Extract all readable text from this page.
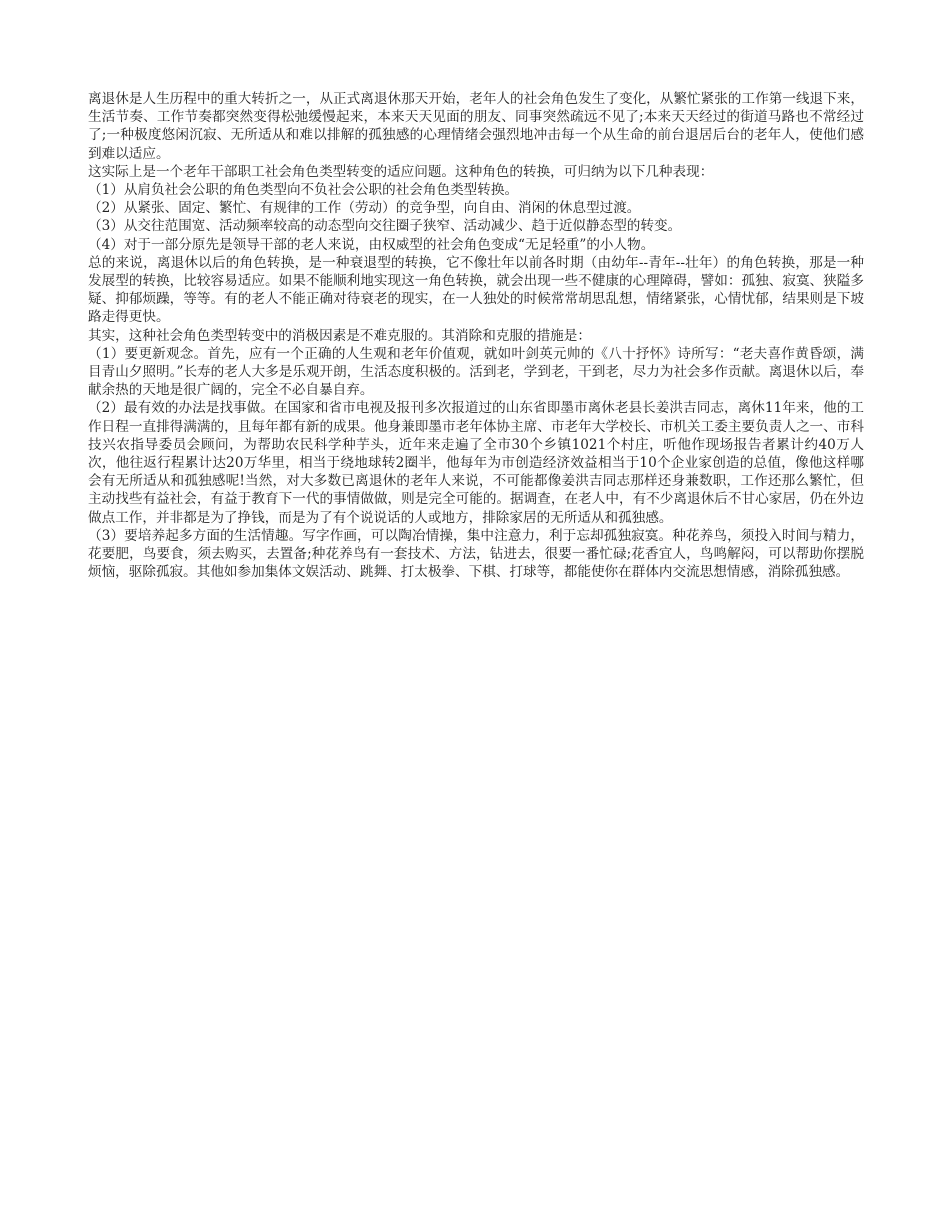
离退休是人生历程中的重大转折之一，从正式离退休那天开始，老年人的社会角色发生了变化，从繁忙紧张的工作第一线退下来，生活节奏、工作节奏都突然变得松弛缓慢起来，本来天天见面的朋友、同事突然疏远不见了;本来天天经过的街道马路也不常经过了;一种极度悠闲沉寂、无所适从和难以排解的孤独感的心理情绪会强烈地冲击每一个从生命的前台退居后台的老年人，使他们感到难以适应。

这实际上是一个老年干部职工社会角色类型转变的适应问题。这种角色的转换，可归纳为以下几种表现：

（1）从肩负社会公职的角色类型向不负社会公职的社会角色类型转换。

（2）从紧张、固定、繁忙、有规律的工作（劳动）的竞争型，向自由、消闲的休息型过渡。

（3）从交往范围宽、活动频率较高的动态型向交往圈子狭窄、活动减少、趋于近似静态型的转变。

（4）对于一部分原先是领导干部的老人来说，由权威型的社会角色变成“无足轻重”的小人物。

总的来说，离退休以后的角色转换，是一种衰退型的转换，它不像壮年以前各时期（由幼年--青年--壮年）的角色转换，那是一种发展型的转换，比较容易适应。如果不能顺利地实现这一角色转换，就会出现一些不健康的心理障碍，譬如：孤独、寂寞、狭隘多疑、抑郁烦躁，等等。有的老人不能正确对待衰老的现实，在一人独处的时候常常胡思乱想，情绪紧张，心情忧郁，结果则是下坡路走得更快。

其实，这种社会角色类型转变中的消极因素是不难克服的。其消除和克服的措施是：

（1）要更新观念。首先，应有一个正确的人生观和老年价值观，就如叶剑英元帅的《八十抒怀》诗所写：“老夫喜作黄昏颂，满目青山夕照明。”长寿的老人大多是乐观开朗，生活态度积极的。活到老，学到老，干到老，尽力为社会多作贡献。离退休以后，奉献余热的天地是很广阔的，完全不必自暴自弃。

（2）最有效的办法是找事做。在国家和省市电视及报刊多次报道过的山东省即墨市离休老县长姜洪吉同志，离休11年来，他的工作日程一直排得满满的，且每年都有新的成果。他身兼即墨市老年体协主席、市老年大学校长、市机关工委主要负责人之一、市科技兴农指导委员会顾问，为帮助农民科学种芋头，近年来走遍了全市30个乡镇1021个村庄，听他作现场报告者累计约40万人次，他往返行程累计达20万华里，相当于绕地球转2圈半，他每年为市创造经济效益相当于10个企业家创造的总值，像他这样哪会有无所适从和孤独感呢!当然，对大多数已离退休的老年人来说，不可能都像姜洪吉同志那样还身兼数职，工作还那么繁忙，但主动找些有益社会，有益于教育下一代的事情做做，则是完全可能的。据调查，在老人中，有不少离退休后不甘心家居，仍在外边做点工作，并非都是为了挣钱，而是为了有个说说话的人或地方，排除家居的无所适从和孤独感。

（3）要培养起多方面的生活情趣。写字作画，可以陶冶情操，集中注意力，利于忘却孤独寂寞。种花养鸟，须投入时间与精力，花要肥，鸟要食，须去购买，去置备;种花养鸟有一套技术、方法，钻进去，很要一番忙碌;花香宜人，鸟鸣解闷，可以帮助你摆脱烦恼，驱除孤寂。其他如参加集体文娱活动、跳舞、打太极拳、下棋、打球等，都能使你在群体内交流思想情感，消除孤独感。
